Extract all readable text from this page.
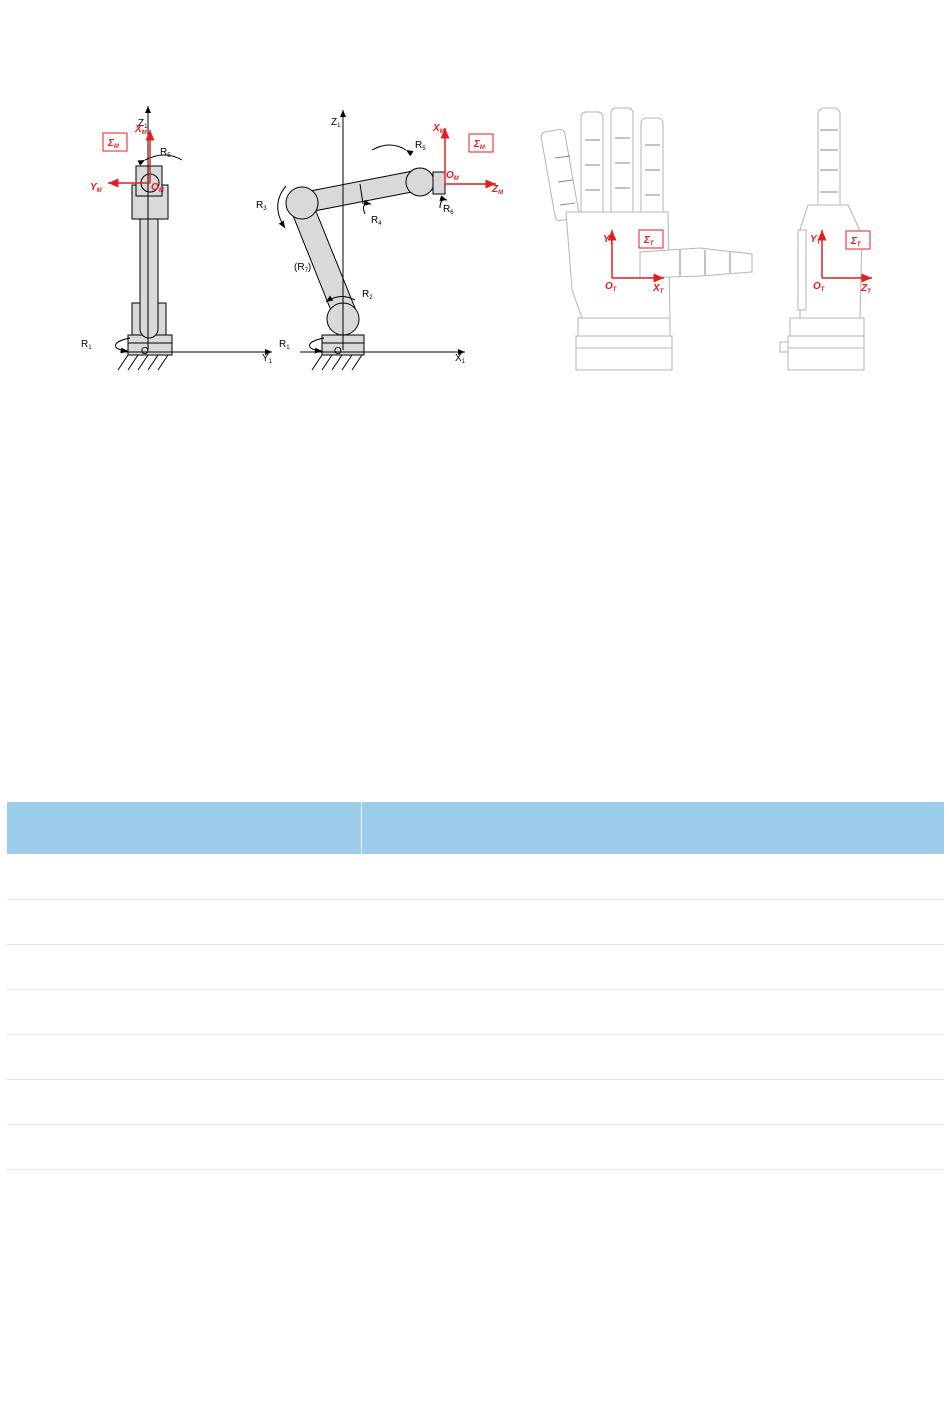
$Z_1$
$X_M$
$Y_M$	$O_M$
$\Sigma_M$	$R_5$
$R_1$	O
$Y_1$
$Z_1$	$X_M$
$O_M$
$Z_M$
$\Sigma_M$
$R_5$
$R_6$
$R_4$
$R_3$
$(R_7)$
$R_2$
$R_1$	O
$X_1$
$Y_T$
$O_T$	$X_T$
$\Sigma_T$	$Y_T$
$O_T$	$Z_T$
$\Sigma_T$
